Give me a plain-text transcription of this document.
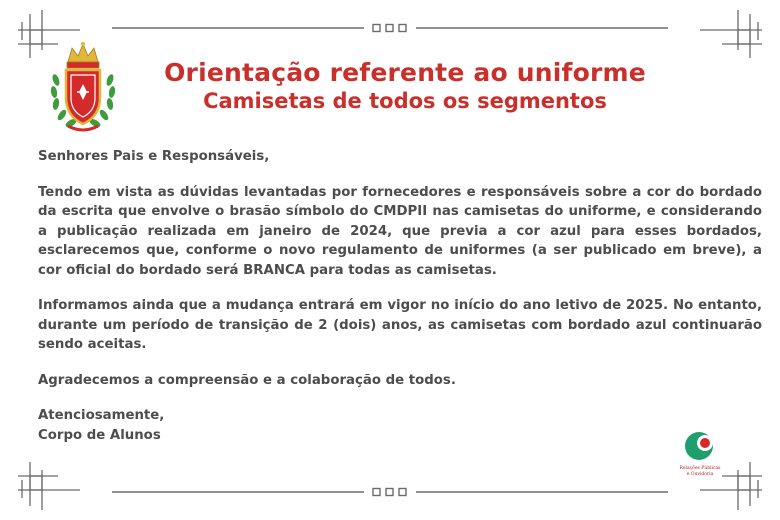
Orientação referente ao uniforme
Camisetas de todos os segmentos

Senhores Pais e Responsáveis,

Tendo em vista as dúvidas levantadas por fornecedores e responsáveis sobre a cor do bordado da escrita que envolve o brasão símbolo do CMDPII nas camisetas do uniforme, e considerando a publicação realizada em janeiro de 2024, que previa a cor azul para esses bordados, esclarecemos que, conforme o novo regulamento de uniformes (a ser publicado em breve), a cor oficial do bordado será BRANCA para todas as camisetas.

Informamos ainda que a mudança entrará em vigor no início do ano letivo de 2025. No entanto, durante um período de transição de 2 (dois) anos, as camisetas com bordado azul continuarão sendo aceitas.

Agradecemos a compreensão e a colaboração de todos.

Atenciosamente,
Corpo de Alunos
Relações Públicas
e Ouvidoria
